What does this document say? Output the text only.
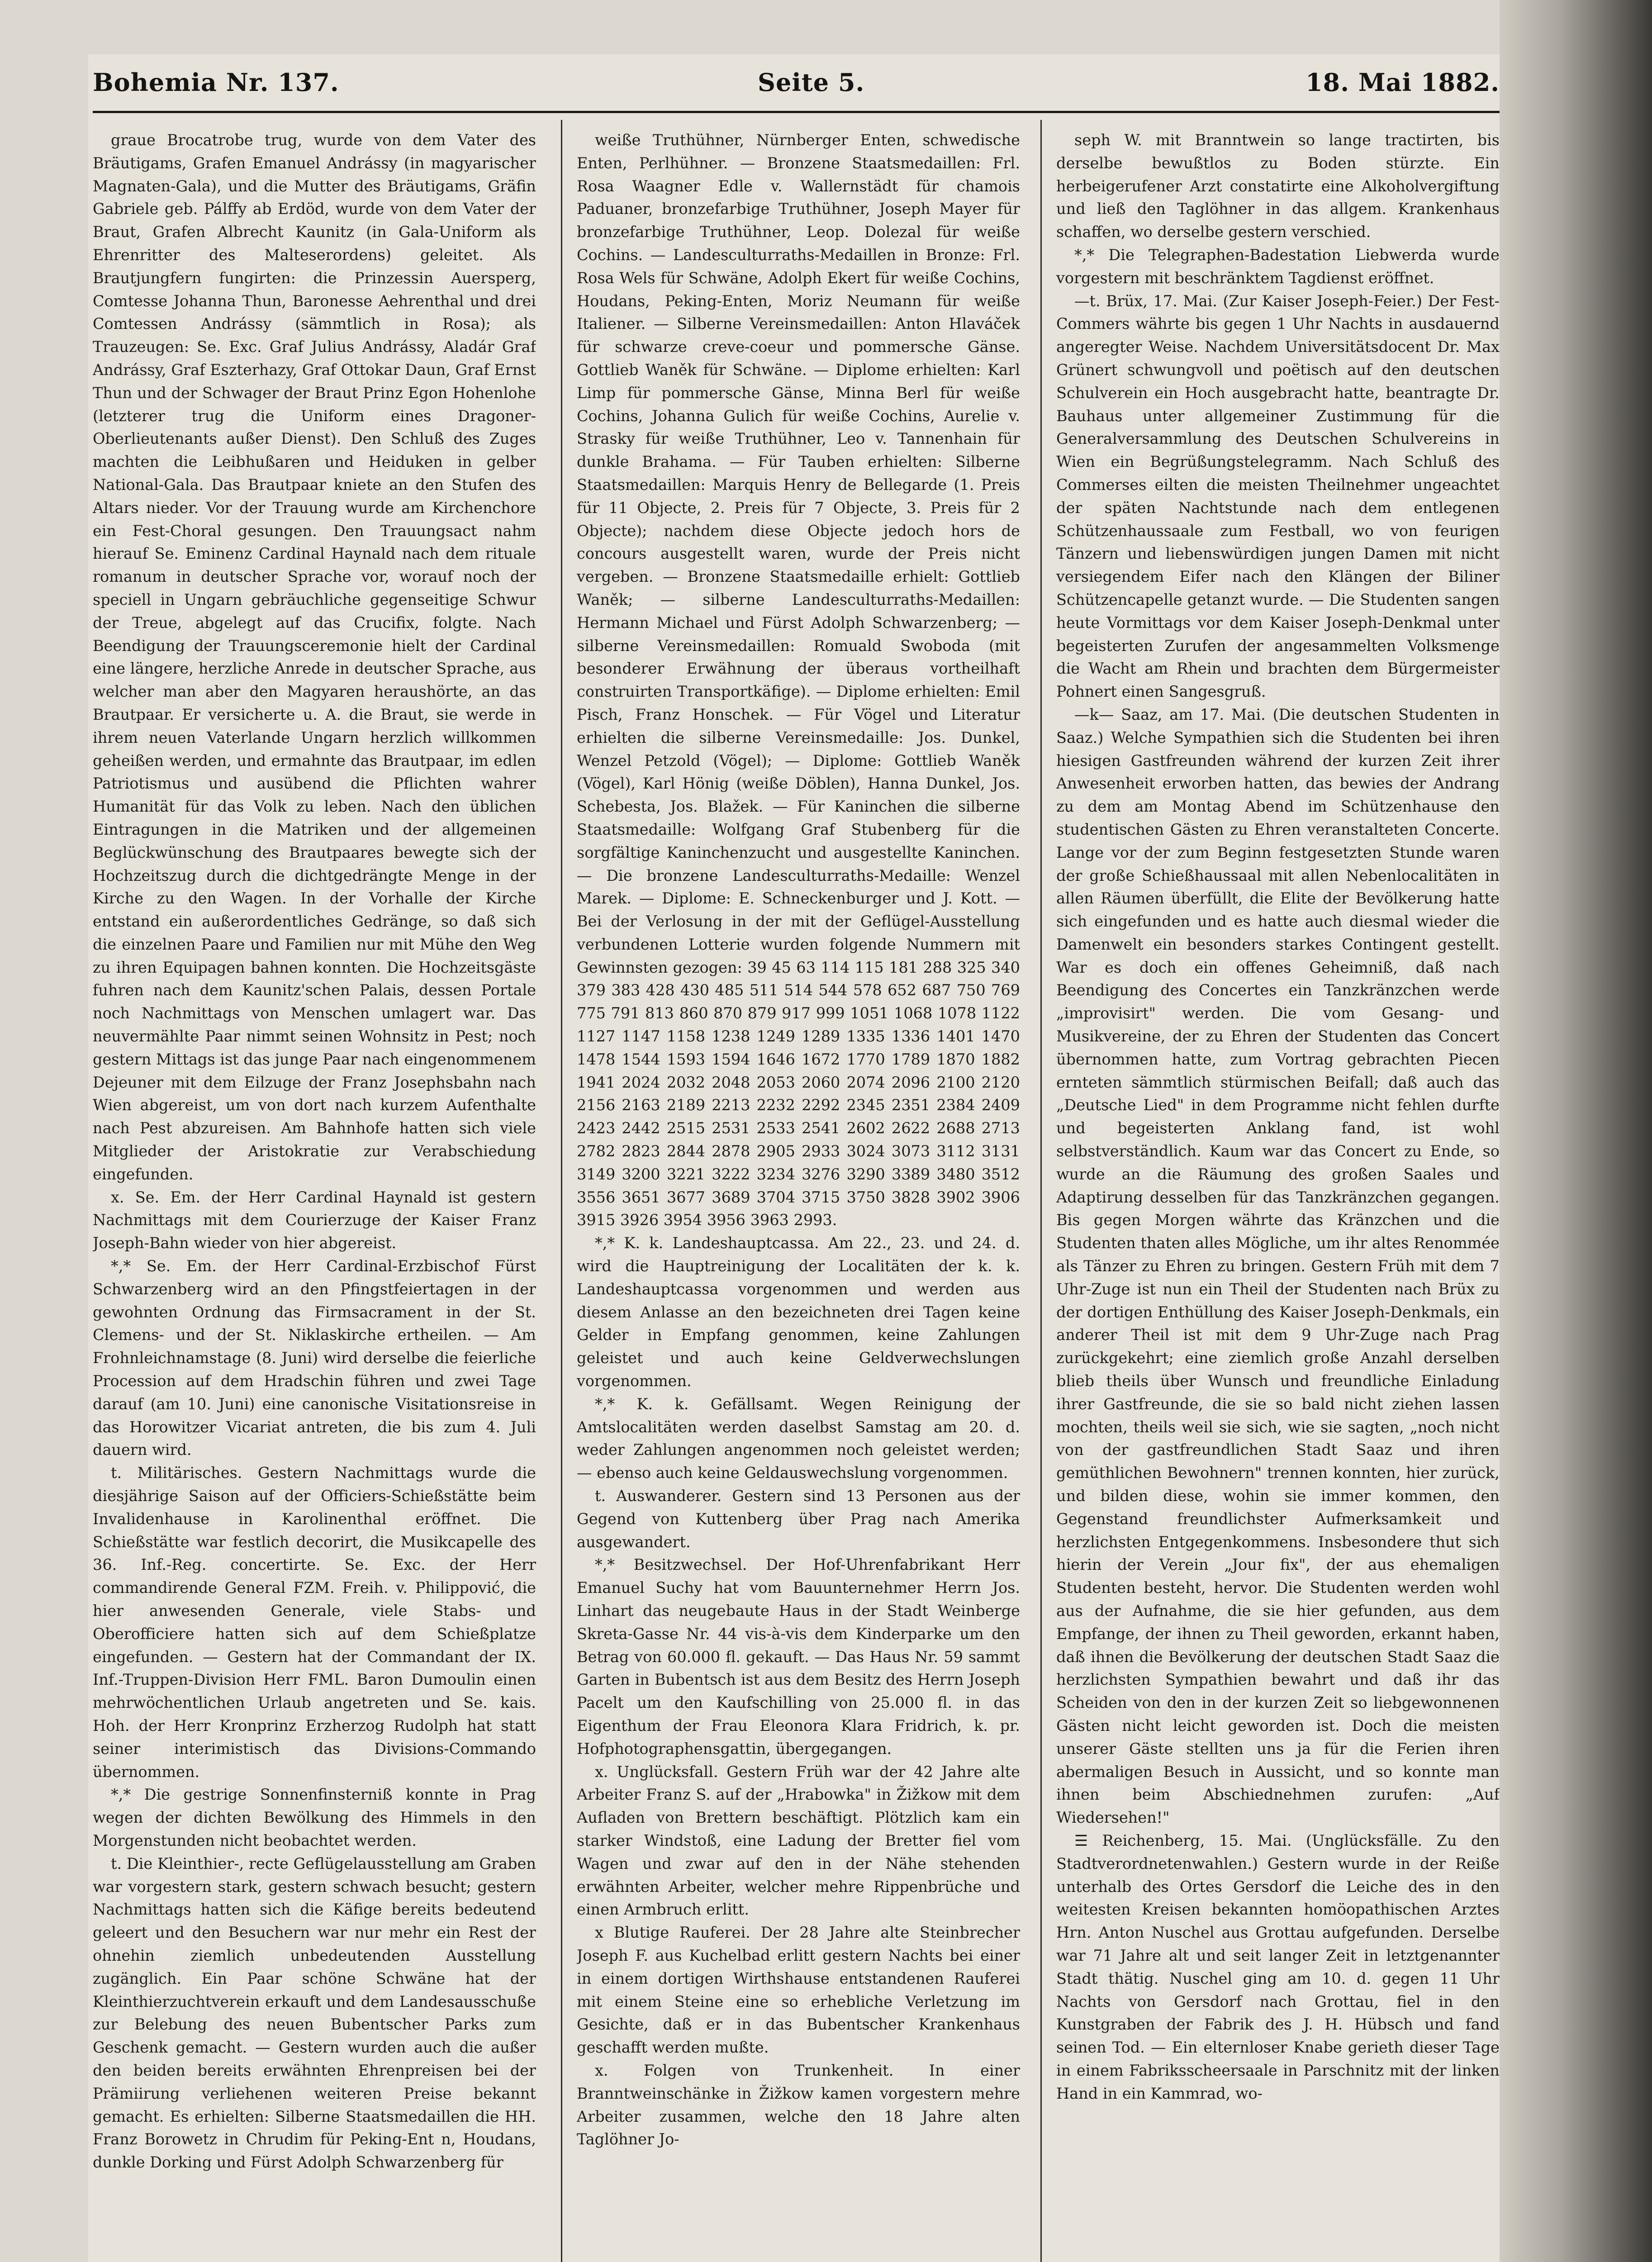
Bohemia Nr. 137.	Seite 5.	18. Mai 1882.

graue Brocatrobe trug, wurde von dem Vater des Bräutigams, Grafen Emanuel Andrássy (in magyarischer Magnaten-Gala), und die Mutter des Bräutigams, Gräfin Gabriele geb. Pálffy ab Erdöd, wurde von dem Vater der Braut, Grafen Albrecht Kaunitz (in Gala-Uniform als Ehrenritter des Malteserordens) geleitet. Als Brautjungfern fungirten: die Prinzessin Auersperg, Comtesse Johanna Thun, Baronesse Aehrenthal und drei Comtessen Andrássy (sämmtlich in Rosa); als Trauzeugen: Se. Exc. Graf Julius Andrássy, Aladár Graf Andrássy, Graf Eszterhazy, Graf Ottokar Daun, Graf Ernst Thun und der Schwager der Braut Prinz Egon Hohenlohe (letzterer trug die Uniform eines Dragoner-Oberlieutenants außer Dienst). Den Schluß des Zuges machten die Leibhußaren und Heiduken in gelber National-Gala. Das Brautpaar kniete an den Stufen des Altars nieder. Vor der Trauung wurde am Kirchenchore ein Fest-Choral gesungen. Den Trauungsact nahm hierauf Se. Eminenz Cardinal Haynald nach dem rituale romanum in deutscher Sprache vor, worauf noch der speciell in Ungarn gebräuchliche gegenseitige Schwur der Treue, abgelegt auf das Crucifix, folgte. Nach Beendigung der Trauungsceremonie hielt der Cardinal eine längere, herzliche Anrede in deutscher Sprache, aus welcher man aber den Magyaren heraushörte, an das Brautpaar. Er versicherte u. A. die Braut, sie werde in ihrem neuen Vaterlande Ungarn herzlich willkommen geheißen werden, und ermahnte das Brautpaar, im edlen Patriotismus und ausübend die Pflichten wahrer Humanität für das Volk zu leben. Nach den üblichen Eintragungen in die Matriken und der allgemeinen Beglückwünschung des Brautpaares bewegte sich der Hochzeitszug durch die dichtgedrängte Menge in der Kirche zu den Wagen. In der Vorhalle der Kirche entstand ein außerordentliches Gedränge, so daß sich die einzelnen Paare und Familien nur mit Mühe den Weg zu ihren Equipagen bahnen konnten. Die Hochzeitsgäste fuhren nach dem Kaunitz'schen Palais, dessen Portale noch Nachmittags von Menschen umlagert war. Das neuvermählte Paar nimmt seinen Wohnsitz in Pest; noch gestern Mittags ist das junge Paar nach eingenommenem Dejeuner mit dem Eilzuge der Franz Josephsbahn nach Wien abgereist, um von dort nach kurzem Aufenthalte nach Pest abzureisen. Am Bahnhofe hatten sich viele Mitglieder der Aristokratie zur Verabschiedung eingefunden.

x. Se. Em. der Herr Cardinal Haynald ist gestern Nachmittags mit dem Courierzuge der Kaiser Franz Joseph-Bahn wieder von hier abgereist.

*,* Se. Em. der Herr Cardinal-Erzbischof Fürst Schwarzenberg wird an den Pfingstfeiertagen in der gewohnten Ordnung das Firmsacrament in der St. Clemens- und der St. Niklaskirche ertheilen. — Am Frohnleichnamstage (8. Juni) wird derselbe die feierliche Procession auf dem Hradschin führen und zwei Tage darauf (am 10. Juni) eine canonische Visitationsreise in das Horowitzer Vicariat antreten, die bis zum 4. Juli dauern wird.

t. Militärisches. Gestern Nachmittags wurde die diesjährige Saison auf der Officiers-Schießstätte beim Invalidenhause in Karolinenthal eröffnet. Die Schießstätte war festlich decorirt, die Musikcapelle des 36. Inf.-Reg. concertirte. Se. Exc. der Herr commandirende General FZM. Freih. v. Philippović, die hier anwesenden Generale, viele Stabs- und Oberofficiere hatten sich auf dem Schießplatze eingefunden. — Gestern hat der Commandant der IX. Inf.-Truppen-Division Herr FML. Baron Dumoulin einen mehrwöchentlichen Urlaub angetreten und Se. kais. Hoh. der Herr Kronprinz Erzherzog Rudolph hat statt seiner interimistisch das Divisions-Commando übernommen.

*,* Die gestrige Sonnenfinsterniß konnte in Prag wegen der dichten Bewölkung des Himmels in den Morgenstunden nicht beobachtet werden.

t. Die Kleinthier-, recte Geflügelausstellung am Graben war vorgestern stark, gestern schwach besucht; gestern Nachmittags hatten sich die Käfige bereits bedeutend geleert und den Besuchern war nur mehr ein Rest der ohnehin ziemlich unbedeutenden Ausstellung zugänglich. Ein Paar schöne Schwäne hat der Kleinthierzuchtverein erkauft und dem Landesausschuße zur Belebung des neuen Bubentscher Parks zum Geschenk gemacht. — Gestern wurden auch die außer den beiden bereits erwähnten Ehrenpreisen bei der Prämiirung verliehenen weiteren Preise bekannt gemacht. Es erhielten: Silberne Staatsmedaillen die HH. Franz Borowetz in Chrudim für Peking-Ent n, Houdans, dunkle Dorking und Fürst Adolph Schwarzenberg für

weiße Truthühner, Nürnberger Enten, schwedische Enten, Perlhühner. — Bronzene Staatsmedaillen: Frl. Rosa Waagner Edle v. Wallernstädt für chamois Paduaner, bronzefarbige Truthühner, Joseph Mayer für bronzefarbige Truthühner, Leop. Dolezal für weiße Cochins. — Landesculturraths-Medaillen in Bronze: Frl. Rosa Wels für Schwäne, Adolph Ekert für weiße Cochins, Houdans, Peking-Enten, Moriz Neumann für weiße Italiener. — Silberne Vereinsmedaillen: Anton Hlaváček für schwarze creve-coeur und pommersche Gänse. Gottlieb Waněk für Schwäne. — Diplome erhielten: Karl Limp für pommersche Gänse, Minna Berl für weiße Cochins, Johanna Gulich für weiße Cochins, Aurelie v. Strasky für weiße Truthühner, Leo v. Tannenhain für dunkle Brahama. — Für Tauben erhielten: Silberne Staatsmedaillen: Marquis Henry de Bellegarde (1. Preis für 11 Objecte, 2. Preis für 7 Objecte, 3. Preis für 2 Objecte); nachdem diese Objecte jedoch hors de concours ausgestellt waren, wurde der Preis nicht vergeben. — Bronzene Staatsmedaille erhielt: Gottlieb Waněk; — silberne Landesculturraths-Medaillen: Hermann Michael und Fürst Adolph Schwarzenberg; — silberne Vereinsmedaillen: Romuald Swoboda (mit besonderer Erwähnung der überaus vortheilhaft construirten Transportkäfige). — Diplome erhielten: Emil Pisch, Franz Honschek. — Für Vögel und Literatur erhielten die silberne Vereinsmedaille: Jos. Dunkel, Wenzel Petzold (Vögel); — Diplome: Gottlieb Waněk (Vögel), Karl Hönig (weiße Döblen), Hanna Dunkel, Jos. Schebesta, Jos. Blažek. — Für Kaninchen die silberne Staatsmedaille: Wolfgang Graf Stubenberg für die sorgfältige Kaninchenzucht und ausgestellte Kaninchen. — Die bronzene Landesculturraths-Medaille: Wenzel Marek. — Diplome: E. Schneckenburger und J. Kott. — Bei der Verlosung in der mit der Geflügel-Ausstellung verbundenen Lotterie wurden folgende Nummern mit Gewinnsten gezogen: 39 45 63 114 115 181 288 325 340 379 383 428 430 485 511 514 544 578 652 687 750 769 775 791 813 860 870 879 917 999 1051 1068 1078 1122 1127 1147 1158 1238 1249 1289 1335 1336 1401 1470 1478 1544 1593 1594 1646 1672 1770 1789 1870 1882 1941 2024 2032 2048 2053 2060 2074 2096 2100 2120 2156 2163 2189 2213 2232 2292 2345 2351 2384 2409 2423 2442 2515 2531 2533 2541 2602 2622 2688 2713 2782 2823 2844 2878 2905 2933 3024 3073 3112 3131 3149 3200 3221 3222 3234 3276 3290 3389 3480 3512 3556 3651 3677 3689 3704 3715 3750 3828 3902 3906 3915 3926 3954 3956 3963 2993.

*,* K. k. Landeshauptcassa. Am 22., 23. und 24. d. wird die Hauptreinigung der Localitäten der k. k. Landeshauptcassa vorgenommen und werden aus diesem Anlasse an den bezeichneten drei Tagen keine Gelder in Empfang genommen, keine Zahlungen geleistet und auch keine Geldverwechslungen vorgenommen.

*,* K. k. Gefällsamt. Wegen Reinigung der Amtslocalitäten werden daselbst Samstag am 20. d. weder Zahlungen angenommen noch geleistet werden; — ebenso auch keine Geldauswechslung vorgenommen.

t. Auswanderer. Gestern sind 13 Personen aus der Gegend von Kuttenberg über Prag nach Amerika ausgewandert.

*,* Besitzwechsel. Der Hof-Uhrenfabrikant Herr Emanuel Suchy hat vom Bauunternehmer Herrn Jos. Linhart das neugebaute Haus in der Stadt Weinberge Skreta-Gasse Nr. 44 vis-à-vis dem Kinderparke um den Betrag von 60.000 fl. gekauft. — Das Haus Nr. 59 sammt Garten in Bubentsch ist aus dem Besitz des Herrn Joseph Pacelt um den Kaufschilling von 25.000 fl. in das Eigenthum der Frau Eleonora Klara Fridrich, k. pr. Hofphotographensgattin, übergegangen.

x. Unglücksfall. Gestern Früh war der 42 Jahre alte Arbeiter Franz S. auf der „Hrabowka" in Žižkow mit dem Aufladen von Brettern beschäftigt. Plötzlich kam ein starker Windstoß, eine Ladung der Bretter fiel vom Wagen und zwar auf den in der Nähe stehenden erwähnten Arbeiter, welcher mehre Rippenbrüche und einen Armbruch erlitt.

x Blutige Rauferei. Der 28 Jahre alte Steinbrecher Joseph F. aus Kuchelbad erlitt gestern Nachts bei einer in einem dortigen Wirthshause entstandenen Rauferei mit einem Steine eine so erhebliche Verletzung im Gesichte, daß er in das Bubentscher Krankenhaus geschafft werden mußte.

x. Folgen von Trunkenheit. In einer Branntweinschänke in Žižkow kamen vorgestern mehre Arbeiter zusammen, welche den 18 Jahre alten Taglöhner Jo-

seph W. mit Branntwein so lange tractirten, bis derselbe bewußtlos zu Boden stürzte. Ein herbeigerufener Arzt constatirte eine Alkoholvergiftung und ließ den Taglöhner in das allgem. Krankenhaus schaffen, wo derselbe gestern verschied.

*,* Die Telegraphen-Badestation Liebwerda wurde vorgestern mit beschränktem Tagdienst eröffnet.

—t. Brüx, 17. Mai. (Zur Kaiser Joseph-Feier.) Der Fest-Commers währte bis gegen 1 Uhr Nachts in ausdauernd angeregter Weise. Nachdem Universitätsdocent Dr. Max Grünert schwungvoll und poëtisch auf den deutschen Schulverein ein Hoch ausgebracht hatte, beantragte Dr. Bauhaus unter allgemeiner Zustimmung für die Generalversammlung des Deutschen Schulvereins in Wien ein Begrüßungstelegramm. Nach Schluß des Commerses eilten die meisten Theilnehmer ungeachtet der späten Nachtstunde nach dem entlegenen Schützenhaussaale zum Festball, wo von feurigen Tänzern und liebenswürdigen jungen Damen mit nicht versiegendem Eifer nach den Klängen der Biliner Schützencapelle getanzt wurde. — Die Studenten sangen heute Vormittags vor dem Kaiser Joseph-Denkmal unter begeisterten Zurufen der angesammelten Volksmenge die Wacht am Rhein und brachten dem Bürgermeister Pohnert einen Sangesgruß.

—k— Saaz, am 17. Mai. (Die deutschen Studenten in Saaz.) Welche Sympathien sich die Studenten bei ihren hiesigen Gastfreunden während der kurzen Zeit ihrer Anwesenheit erworben hatten, das bewies der Andrang zu dem am Montag Abend im Schützenhause den studentischen Gästen zu Ehren veranstalteten Concerte. Lange vor der zum Beginn festgesetzten Stunde waren der große Schießhaussaal mit allen Nebenlocalitäten in allen Räumen überfüllt, die Elite der Bevölkerung hatte sich eingefunden und es hatte auch diesmal wieder die Damenwelt ein besonders starkes Contingent gestellt. War es doch ein offenes Geheimniß, daß nach Beendigung des Concertes ein Tanzkränzchen werde „improvisirt" werden. Die vom Gesang- und Musikvereine, der zu Ehren der Studenten das Concert übernommen hatte, zum Vortrag gebrachten Piecen ernteten sämmtlich stürmischen Beifall; daß auch das „Deutsche Lied" in dem Programme nicht fehlen durfte und begeisterten Anklang fand, ist wohl selbstverständlich. Kaum war das Concert zu Ende, so wurde an die Räumung des großen Saales und Adaptirung desselben für das Tanzkränzchen gegangen. Bis gegen Morgen währte das Kränzchen und die Studenten thaten alles Mögliche, um ihr altes Renommée als Tänzer zu Ehren zu bringen. Gestern Früh mit dem 7 Uhr-Zuge ist nun ein Theil der Studenten nach Brüx zu der dortigen Enthüllung des Kaiser Joseph-Denkmals, ein anderer Theil ist mit dem 9 Uhr-Zuge nach Prag zurückgekehrt; eine ziemlich große Anzahl derselben blieb theils über Wunsch und freundliche Einladung ihrer Gastfreunde, die sie so bald nicht ziehen lassen mochten, theils weil sie sich, wie sie sagten, „noch nicht von der gastfreundlichen Stadt Saaz und ihren gemüthlichen Bewohnern" trennen konnten, hier zurück, und bilden diese, wohin sie immer kommen, den Gegenstand freundlichster Aufmerksamkeit und herzlichsten Entgegenkommens. Insbesondere thut sich hierin der Verein „Jour fix", der aus ehemaligen Studenten besteht, hervor. Die Studenten werden wohl aus der Aufnahme, die sie hier gefunden, aus dem Empfange, der ihnen zu Theil geworden, erkannt haben, daß ihnen die Bevölkerung der deutschen Stadt Saaz die herzlichsten Sympathien bewahrt und daß ihr das Scheiden von den in der kurzen Zeit so liebgewonnenen Gästen nicht leicht geworden ist. Doch die meisten unserer Gäste stellten uns ja für die Ferien ihren abermaligen Besuch in Aussicht, und so konnte man ihnen beim Abschiednehmen zurufen: „Auf Wiedersehen!"

☰ Reichenberg, 15. Mai. (Unglücksfälle. Zu den Stadtverordnetenwahlen.) Gestern wurde in der Reiße unterhalb des Ortes Gersdorf die Leiche des in den weitesten Kreisen bekannten homöopathischen Arztes Hrn. Anton Nuschel aus Grottau aufgefunden. Derselbe war 71 Jahre alt und seit langer Zeit in letztgenannter Stadt thätig. Nuschel ging am 10. d. gegen 11 Uhr Nachts von Gersdorf nach Grottau, fiel in den Kunstgraben der Fabrik des J. H. Hübsch und fand seinen Tod. — Ein elternloser Knabe gerieth dieser Tage in einem Fabriksscheersaale in Parschnitz mit der linken Hand in ein Kammrad, wo-
